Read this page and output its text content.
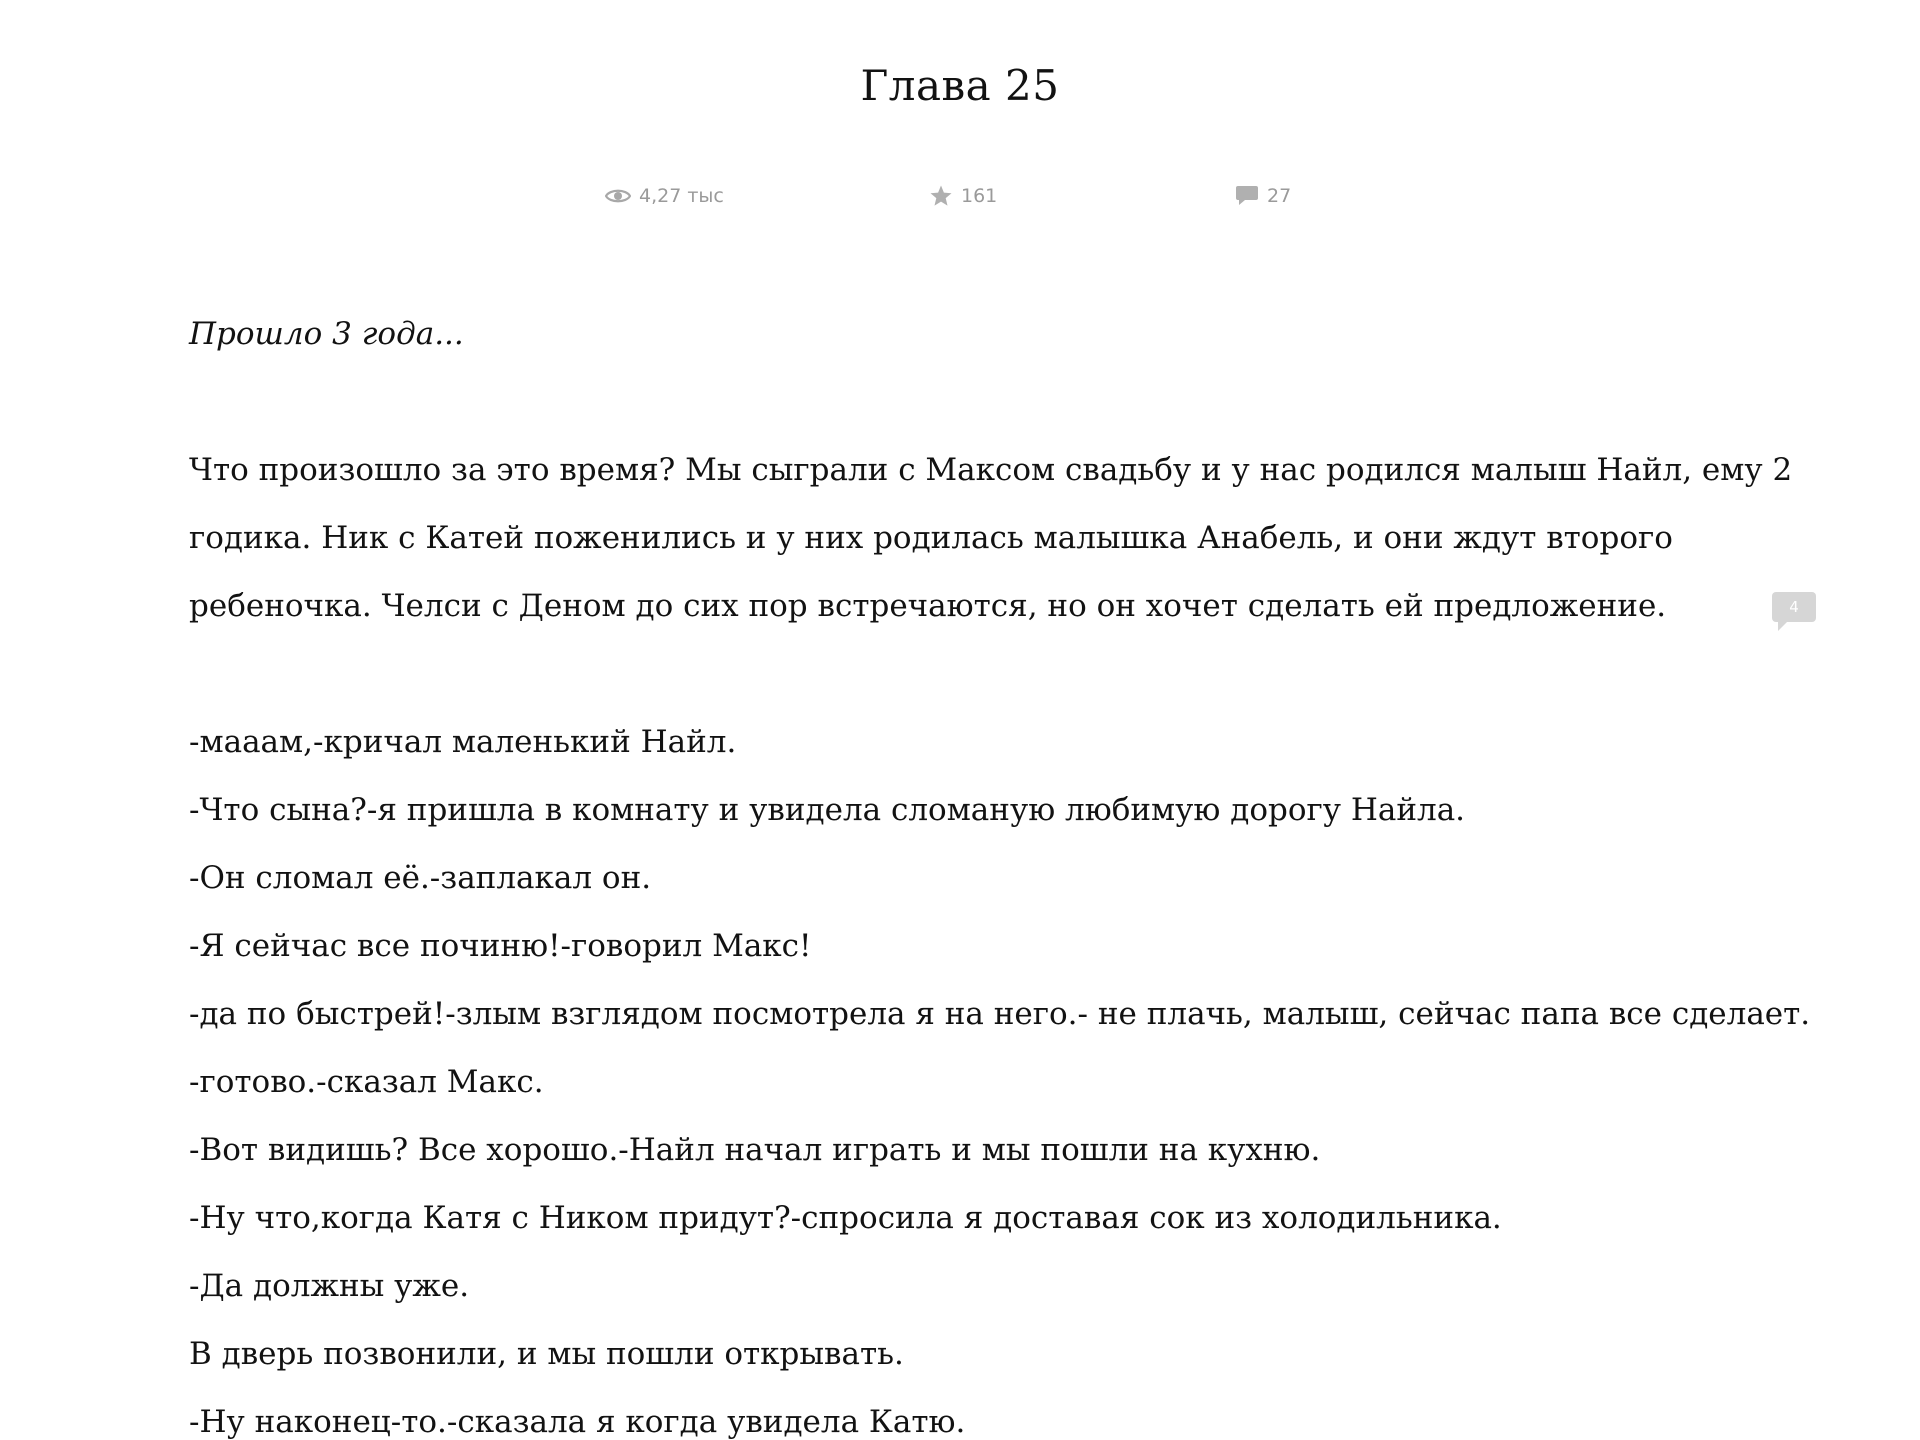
Глава 25
4,27 тыс	161	27

Прошло 3 года...

Что произошло за это время? Мы сыграли с Максом свадьбу и у нас родился малыш Найл, ему 2

годика. Ник с Катей поженились и у них родилась малышка Анабель, и они ждут второго

ребеночка. Челси с Деном до сих пор встречаются, но он хочет сделать ей предложение.

-мааам,-кричал маленький Найл.

-Что сына?-я пришла в комнату и увидела сломаную любимую дорогу Найла.

-Он сломал её.-заплакал он.

-Я сейчас все починю!-говорил Макс!

-да по быстрей!-злым взглядом посмотрела я на него.- не плачь, малыш, сейчас папа все сделает.

-готово.-сказал Макс.

-Вот видишь? Все хорошо.-Найл начал играть и мы пошли на кухню.

-Ну что,когда Катя с Ником придут?-спросила я доставая сок из холодильника.

-Да должны уже.

В дверь позвонили, и мы пошли открывать.

-Ну наконец-то.-сказала я когда увидела Катю.

4
